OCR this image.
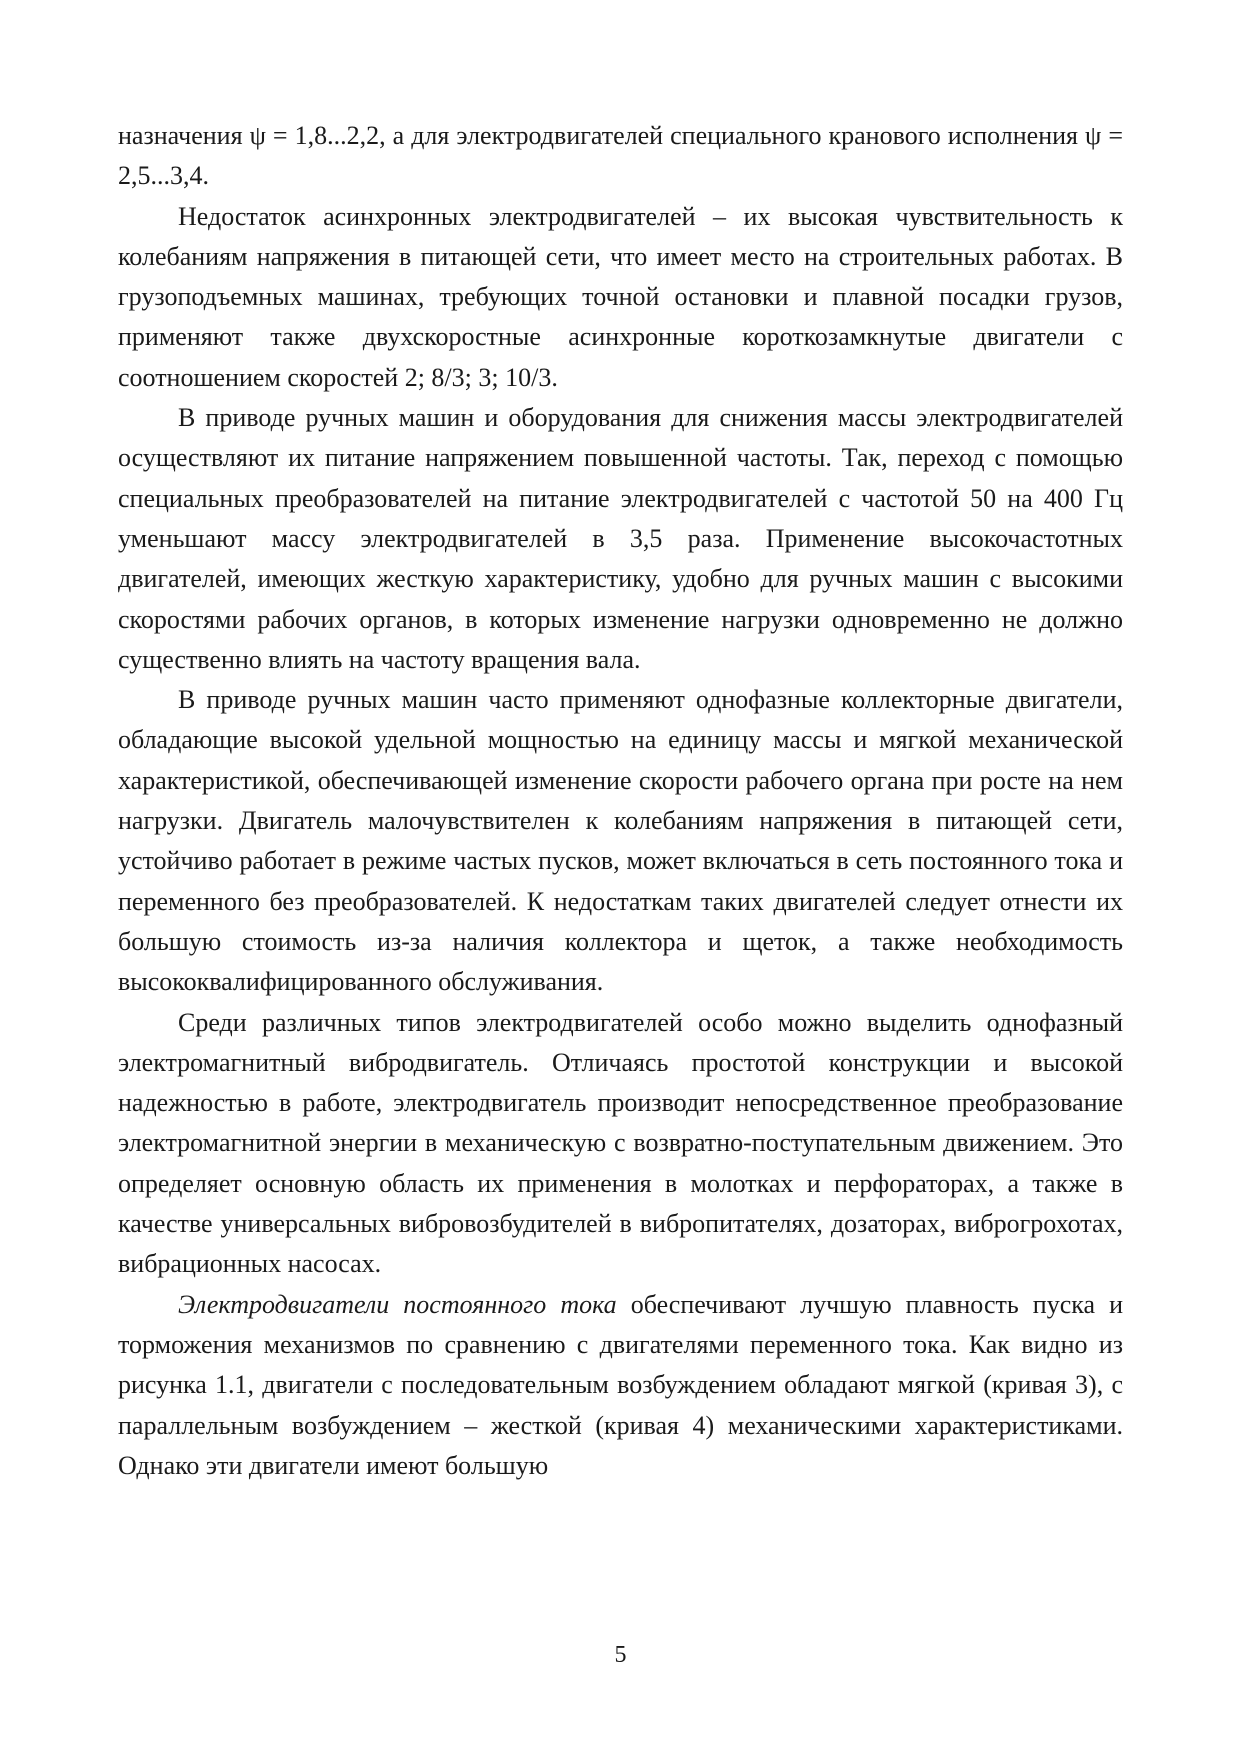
назначения ψ = 1,8...2,2, а для электродвигателей специального кранового исполнения ψ = 2,5...3,4.

Недостаток асинхронных электродвигателей – их высокая чувствительность к колебаниям напряжения в питающей сети, что имеет место на строительных работах. В грузоподъемных машинах, требующих точной остановки и плавной посадки грузов, применяют также двухскоростные асинхронные короткозамкнутые двигатели с соотношением скоростей 2; 8/3; 3; 10/3.

В приводе ручных машин и оборудования для снижения массы электродвигателей осуществляют их питание напряжением повышенной частоты. Так, переход с помощью специальных преобразователей на питание электродвигателей с частотой 50 на 400 Гц уменьшают массу электродвигателей в 3,5 раза. Применение высокочастотных двигателей, имеющих жесткую характеристику, удобно для ручных машин с высокими скоростями рабочих органов, в которых изменение нагрузки одновременно не должно существенно влиять на частоту вращения вала.

В приводе ручных машин часто применяют однофазные коллекторные двигатели, обладающие высокой удельной мощностью на единицу массы и мягкой механической характеристикой, обеспечивающей изменение скорости рабочего органа при росте на нем нагрузки. Двигатель малочувствителен к колебаниям напряжения в питающей сети, устойчиво работает в режиме частых пусков, может включаться в сеть постоянного тока и переменного без преобразователей. К недостаткам таких двигателей следует отнести их большую стоимость из-за наличия коллектора и щеток, а также необходимость высококвалифицированного обслуживания.

Среди различных типов электродвигателей особо можно выделить однофазный электромагнитный вибродвигатель. Отличаясь простотой конструкции и высокой надежностью в работе, электродвигатель производит непосредственное преобразование электромагнитной энергии в механическую с возвратно-поступательным движением. Это определяет основную область их применения в молотках и перфораторах, а также в качестве универсальных вибровозбудителей в вибропитателях, дозаторах, виброгрохотах, вибрационных насосах.

Электродвигатели постоянного тока обеспечивают лучшую плавность пуска и торможения механизмов по сравнению с двигателями переменного тока. Как видно из рисунка 1.1, двигатели с последовательным возбуждением обладают мягкой (кривая 3), с параллельным возбуждением – жесткой (кривая 4) механическими характеристиками. Однако эти двигатели имеют большую

5
